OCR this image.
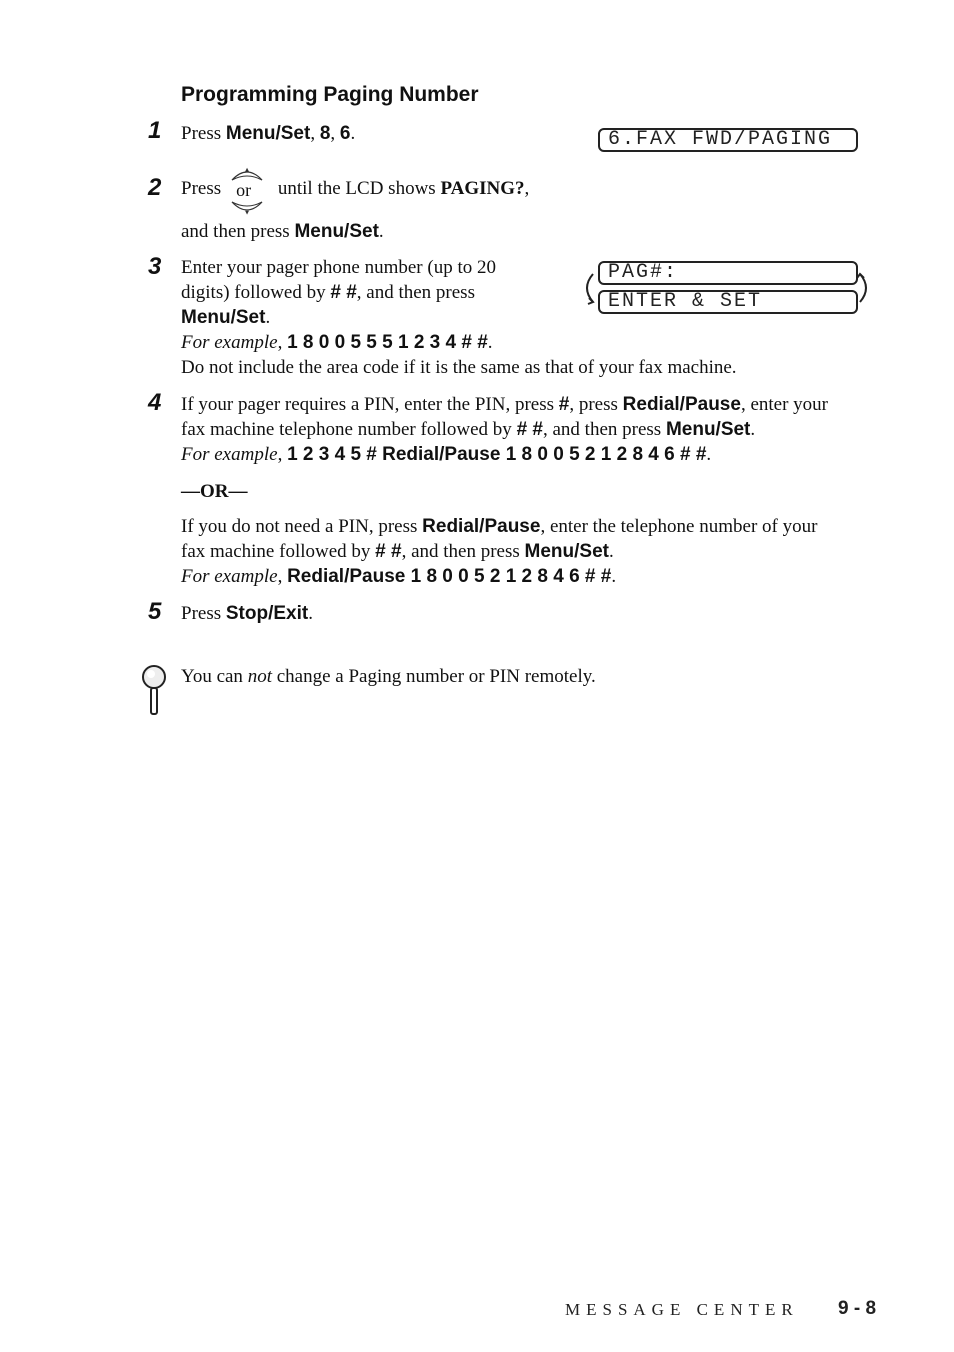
Programming Paging Number
1 Press Menu/Set, 8, 6.	6.FAX FWD/PAGING
2 Press
▲
▼
or until the LCD shows PAGING?,
and then press Menu/Set.
3 Enter your pager phone number (up to 20
digits) followed by # #, and then press
Menu/Set.
For example, 1 8 0 0 5 5 5 1 2 3 4 # #.
Do not include the area code if it is the same as that of your fax machine.
PAG#:
ENTER & SET
4 If your pager requires a PIN, enter the PIN, press #, press Redial/Pause, enter your
fax machine telephone number followed by # #, and then press Menu/Set.
For example, 1 2 3 4 5 # Redial/Pause 1 8 0 0 5 2 1 2 8 4 6 # #.
—OR—
If you do not need a PIN, press Redial/Pause, enter the telephone number of your
fax machine followed by # #, and then press Menu/Set.
For example, Redial/Pause 1 8 0 0 5 2 1 2 8 4 6 # #.
5 Press Stop/Exit.
You can not change a Paging number or PIN remotely.
MESSAGE CENTER 9 - 8
